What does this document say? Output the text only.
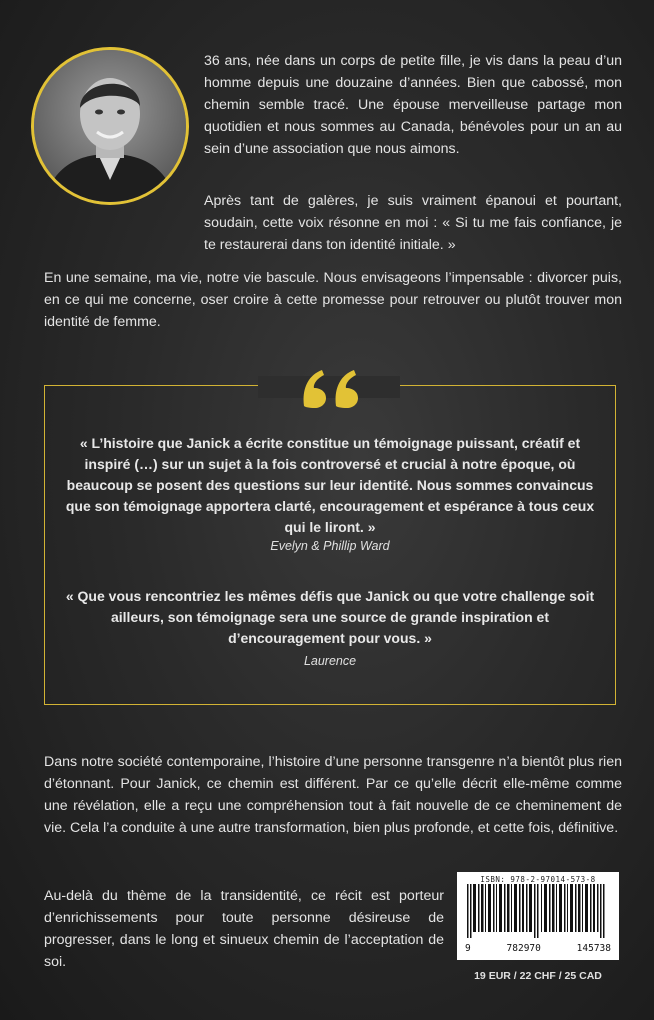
36 ans, née dans un corps de petite fille, je vis dans la peau d’un homme depuis une douzaine d’années. Bien que cabossé, mon chemin semble tracé. Une épouse merveilleuse partage mon quotidien et nous sommes au Canada, bénévoles pour un an au sein d’une association que nous aimons.

Après tant de galères, je suis vraiment épanoui et pourtant, soudain, cette voix résonne en moi : « Si tu me fais confiance, je te restaurerai dans ton identité initiale. »

En une semaine, ma vie, notre vie bascule. Nous envisageons l’impensable : divorcer puis, en ce qui me concerne, oser croire à cette promesse pour retrouver ou plutôt trouver mon identité de femme.

« L’histoire que Janick a écrite constitue un témoignage puissant, créatif et inspiré (…) sur un sujet à la fois controversé et crucial à notre époque, où beaucoup se posent des questions sur leur identité. Nous sommes convaincus que son témoignage apportera clarté, encouragement et espérance à tous ceux qui le liront. »

Evelyn & Phillip Ward

« Que vous rencontriez les mêmes défis que Janick ou que votre challenge soit ailleurs, son témoignage sera une source de grande inspiration et d’encouragement pour vous. »

Laurence

Dans notre société contemporaine, l’histoire d’une personne transgenre n’a bientôt plus rien d’étonnant. Pour Janick, ce chemin est différent. Par ce qu’elle décrit elle-même comme une révélation, elle a reçu une compréhension tout à fait nouvelle de ce cheminement de vie. Cela l’a conduite à une autre transformation, bien plus profonde, et cette fois, définitive.

Au-delà du thème de la transidentité, ce récit est porteur d’enrichissements pour toute personne désireuse de progresser, dans le long et sinueux chemin de l’acceptation de soi.

ISBN: 978-2-97014-573-8
9	782970	145738
19 EUR / 22 CHF / 25 CAD
